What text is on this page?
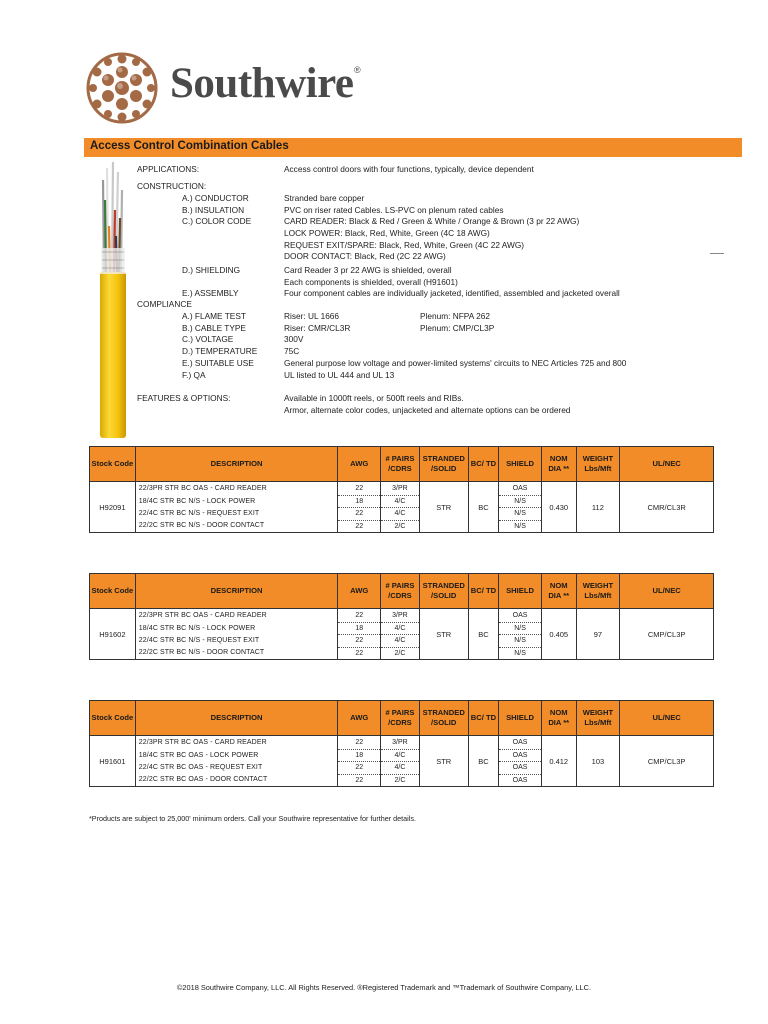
Southwire ®
Access Control Combination Cables
APPLICATIONS:	Access control doors with four functions, typically, device dependent
CONSTRUCTION:
A.) CONDUCTOR	Stranded bare copper
B.) INSULATION	PVC on riser rated Cables. LS-PVC on plenum rated cables
C.) COLOR CODE	CARD READER: Black & Red / Green & White / Orange & Brown (3 pr 22 AWG)
LOCK POWER: Black, Red, White, Green (4C 18 AWG)
REQUEST EXIT/SPARE: Black, Red, White, Green (4C 22 AWG)
DOOR CONTACT: Black, Red (2C 22 AWG)
D.) SHIELDING	Card Reader 3 pr 22 AWG is shielded, overall
Each components is shielded, overall (H91601)
E.) ASSEMBLY	Four component cables are individually jacketed, identified, assembled and jacketed overall
COMPLIANCE
A.) FLAME TEST	Riser: UL 1666	Plenum: NFPA 262
B.) CABLE TYPE	Riser: CMR/CL3R	Plenum: CMP/CL3P
C.) VOLTAGE	300V
D.) TEMPERATURE	75C
E.) SUITABLE USE	General purpose low voltage and power-limited systems' circuits to NEC Articles 725 and 800
F.) QA	UL listed to UL 444 and UL 13
FEATURES & OPTIONS:	Available in 1000ft reels, or 500ft reels and RIBs.
Armor, alternate color codes, unjacketed and alternate options can be ordered
Stock Code	DESCRIPTION	AWG	# PAIRS /CDRS	STRANDED /SOLID	BC/ TD	SHIELD	NOM DIA **	WEIGHT Lbs/Mft	UL/NEC
H92091	22/3PR STR BC OAS - CARD READER	22	3/PR	STR	BC	OAS	0.430	112	CMR/CL3R
	18/4C STR BC N/S - LOCK POWER	18	4/C			N/S			
	22/4C STR BC N/S - REQUEST EXIT	22	4/C			N/S			
	22/2C STR BC N/S - DOOR CONTACT	22	2/C			N/S			
Stock Code	DESCRIPTION	AWG	# PAIRS /CDRS	STRANDED /SOLID	BC/ TD	SHIELD	NOM DIA **	WEIGHT Lbs/Mft	UL/NEC
H91602	22/3PR STR BC OAS - CARD READER	22	3/PR	STR	BC	OAS	0.405	97	CMP/CL3P
	18/4C STR BC N/S - LOCK POWER	18	4/C			N/S			
	22/4C STR BC N/S - REQUEST EXIT	22	4/C			N/S			
	22/2C STR BC N/S - DOOR CONTACT	22	2/C			N/S			
Stock Code	DESCRIPTION	AWG	# PAIRS /CDRS	STRANDED /SOLID	BC/ TD	SHIELD	NOM DIA **	WEIGHT Lbs/Mft	UL/NEC
H91601	22/3PR STR BC OAS - CARD READER	22	3/PR	STR	BC	OAS	0.412	103	CMP/CL3P
	18/4C STR BC OAS - LOCK POWER	18	4/C			OAS			
	22/4C STR BC OAS - REQUEST EXIT	22	4/C			OAS			
	22/2C STR BC OAS - DOOR CONTACT	22	2/C			OAS			
*Products are subject to 25,000' minimum orders. Call your Southwire representative for further details.
©2018 Southwire Company, LLC. All Rights Reserved. ®Registered Trademark and ™Trademark of Southwire Company, LLC.
